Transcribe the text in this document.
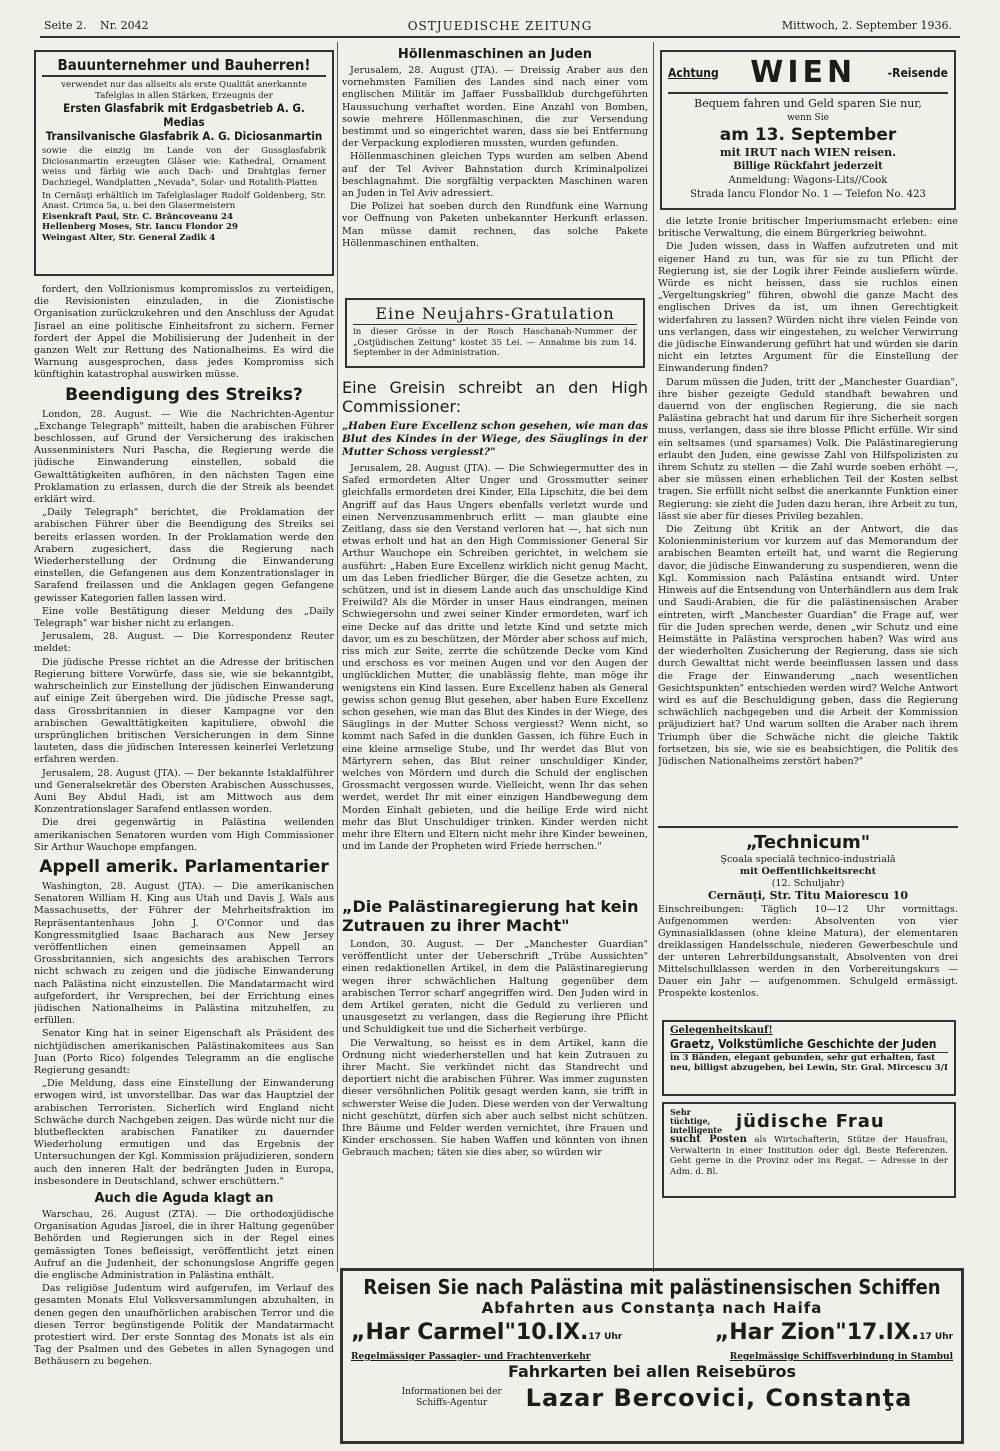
Seite 2. Nr. 2042	OSTJUEDISCHE ZEITUNG	Mittwoch, 2. September 1936.
Bauunternehmer und Bauherren!
verwendet nur das allseits als erste Qualität anerkannte Tafelglas in allen Stärken, Erzeugnis der
Ersten Glasfabrik mit Erdgasbetrieb A. G. Medias
Transilvanische Glasfabrik A. G. Diciosanmartin
sowie die einzig im Lande von der Gussglasfabrik Diciosanmartin erzeugten Gläser wie: Kathedral, Ornament weiss und färbig wie auch Dach- und Drahtglas ferner Dachziegel, Wandplatten „Nevada", Solar- und Rotalith-Platten
In Cernăuţi erhältlich im Tafelglaslager Rudolf Goldenberg, Str. Anast. Crimca 5a, u. bei den Glasermeistern
Eisenkraft Paul, Str. C. Brăncoveanu 24
Hellenberg Moses, Str. Iancu Flondor 29
Weingast Alter, Str. General Zadik 4

fordert, den Vollzionismus kompromisslos zu verteidigen, die Revisionisten einzuladen, in die Zionistische Organisation zurückzukehren und den Anschluss der Agudat Jisrael an eine politische Einheitsfront zu sichern. Ferner fordert der Appel die Mobilisierung der Judenheit in der ganzen Welt zur Rettung des Nationalheims. Es wird die Warnung ausgesprochen, dass jedes Kompromiss sich künftighin katastrophal auswirken müsse.

Beendigung des Streiks?

London, 28. August. — Wie die Nachrichten-Agentur „Exchange Telegraph" mitteilt, haben die arabischen Führer beschlossen, auf Grund der Versicherung des irakischen Aussenministers Nuri Pascha, die Regierung werde die jüdische Einwanderung einstellen, sobald die Gewalttätigkeiten aufhören, in den nächsten Tagen eine Proklamation zu erlassen, durch die der Streik als beendet erklärt wird.

„Daily Telegraph" berichtet, die Proklamation der arabischen Führer über die Beendigung des Streiks sei bereits erlassen worden. In der Proklamation werde den Arabern zugesichert, dass die Regierung nach Wiederherstellung der Ordnung die Einwanderung einstellen, die Gefangenen aus dem Konzentrationslager in Sarafend freilassen und die Anklagen gegen Gefangene gewisser Kategorien fallen lassen wird.

Eine volle Bestätigung dieser Meldung des „Daily Telegraph" war bisher nicht zu erlangen.

Jerusalem, 28. August. — Die Korrespondenz Reuter meldet:

Die jüdische Presse richtet an die Adresse der britischen Regierung bittere Vorwürfe, dass sie, wie sie bekanntgibt, wahrscheinlich zur Einstellung der jüdischen Einwanderung auf einige Zeit übergehen wird. Die jüdische Presse sagt, dass Grossbritannien in dieser Kampagne vor den arabischen Gewalttätigkeiten kapituliere, obwohl die ursprünglichen britischen Versicherungen in dem Sinne lauteten, dass die jüdischen Interessen keinerlei Verletzung erfahren werden.

Jerusalem, 28. August (JTA). — Der bekannte Istaklalführer und Generalsekretär des Obersten Arabischen Ausschusses, Auni Bey Abdul Hadi, ist am Mittwoch aus dem Konzentrationslager Sarafend entlassen worden.

Die drei gegenwärtig in Palästina weilenden amerikanischen Senatoren wurden vom High Commissioner Sir Arthur Wauchope empfangen.

Appell amerik. Parlamentarier

Washington, 28. August (JTA). — Die amerikanischen Senatoren William H. King aus Utah und Davis J. Wals aus Massachusetts, der Führer der Mehrheitsfraktion im Repräsentantenhaus John J. O'Connor und das Kongressmitglied Isaac Bacharach aus New Jersey veröffentlichen einen gemeinsamen Appell an Grossbritannien, sich angesichts des arabischen Terrors nicht schwach zu zeigen und die jüdische Einwanderung nach Palästina nicht einzustellen. Die Mandatarmacht wird aufgefordert, ihr Versprechen, bei der Errichtung eines jüdischen Nationalheims in Palästina mitzuhelfen, zu erfüllen.

Senator King hat in seiner Eigenschaft als Präsident des nichtjüdischen amerikanischen Palästinakomitees aus San Juan (Porto Rico) folgendes Telegramm an die englische Regierung gesandt:

„Die Meldung, dass eine Einstellung der Einwanderung erwogen wird, ist unvorstellbar. Das war das Hauptziel der arabischen Terroristen. Sicherlich wird England nicht Schwäche durch Nachgeben zeigen. Das würde nicht nur die blutbefleckten arabischen Fanatiker zu dauernder Wiederholung ermutigen und das Ergebnis der Untersuchungen der Kgl. Kommission präjudizieren, sondern auch den inneren Halt der bedrängten Juden in Europa, insbesondere in Deutschland, schwer erschüttern."

Auch die Aguda klagt an

Warschau, 26. August (ZTA). — Die orthodoxjüdische Organisation Agudas Jisroel, die in ihrer Haltung gegenüber Behörden und Regierungen sich in der Regel eines gemässigten Tones befleissigt, veröffentlicht jetzt einen Aufruf an die Judenheit, der schonungslose Angriffe gegen die englische Administration in Palästina enthält.

Das religiöse Judentum wird aufgerufen, im Verlauf des gesamten Monats Elul Volksversammlungen abzuhalten, in denen gegen den unaufhörlichen arabischen Terror und die diesen Terror begünstigende Politik der Mandatarmacht protestiert wird. Der erste Sonntag des Monats ist als ein Tag der Psalmen und des Gebetes in allen Synagogen und Bethäusern zu begehen.

Höllenmaschinen an Juden

Jerusalem, 28. August (JTA). — Dreissig Araber aus den vornehmsten Familien des Landes sind nach einer vom englischen Militär im Jaffaer Fussballklub durchgeführten Haussuchung verhaftet worden. Eine Anzahl von Bomben, sowie mehrere Höllenmaschinen, die zur Versendung bestimmt und so eingerichtet waren, dass sie bei Entfernung der Verpackung explodieren mussten, wurden gefunden.

Höllenmaschinen gleichen Typs wurden am selben Abend auf der Tel Aviver Bahnstation durch Kriminalpolizei beschlagnahmt. Die sorgfältig verpackten Maschinen waren an Juden in Tel Aviv adressiert.

Die Polizei hat soeben durch den Rundfunk eine Warnung vor Oeffnung von Paketen unbekannter Herkunft erlassen. Man müsse damit rechnen, das solche Pakete Höllenmaschinen enthalten.

Eine Neujahrs-Gratulation
in dieser Grösse in der Rosch Haschanah-Nummer der „Ostjüdischen Zeitung" kostet 35 Lei. — Annahme bis zum 14. September in der Administration.
Eine Greisin schreibt an den High Commissioner:
„Haben Eure Excellenz schon gesehen, wie man das Blut des Kindes in der Wiege, des Säuglings in der Mutter Schoss vergiesst?"

Jerusalem, 28. August (JTA). — Die Schwiegermutter des in Safed ermordeten Alter Unger und Grossmutter seiner gleichfalls ermordeten drei Kinder, Ella Lipschitz, die bei dem Angriff auf das Haus Ungers ebenfalls verletzt wurde und einen Nervenzusammenbruch erlitt — man glaubte eine Zeitlang, dass sie den Verstand verloren hat —, hat sich nun etwas erholt und hat an den High Commissioner General Sir Arthur Wauchope ein Schreiben gerichtet, in welchem sie ausführt: „Haben Eure Excellenz wirklich nicht genug Macht, um das Leben friedlicher Bürger, die die Gesetze achten, zu schützen, und ist in diesem Lande auch das unschuldige Kind Freiwild? Als die Mörder in unser Haus eindrangen, meinen Schwiegersohn und zwei seiner Kinder ermordeten, warf ich eine Decke auf das dritte und letzte Kind und setzte mich davor, um es zu beschützen, der Mörder aber schoss auf mich, riss mich zur Seite, zerrte die schützende Decke vom Kind und erschoss es vor meinen Augen und vor den Augen der unglücklichen Mutter, die unablässig flehte, man möge ihr wenigstens ein Kind lassen. Eure Excellenz haben als General gewiss schon genug Blut gesehen, aber haben Eure Excellenz schon gesehen, wie man das Blut des Kindes in der Wiege, des Säuglings in der Mutter Schoss vergiesst? Wenn nicht, so kommt nach Safed in die dunklen Gassen, ich führe Euch in eine kleine armselige Stube, und Ihr werdet das Blut von Märtyrern sehen, das Blut reiner unschuldiger Kinder, welches von Mördern und durch die Schuld der englischen Grossmacht vergossen wurde. Vielleicht, wenn Ihr das sehen werdet, werdet Ihr mit einer einzigen Handbewegung dem Morden Einhalt gebieten, und die heilige Erde wird nicht mehr das Blut Unschuldiger trinken. Kinder werden nicht mehr ihre Eltern und Eltern nicht mehr ihre Kinder beweinen, und im Lande der Propheten wird Friede herrschen."

„Die Palästinaregierung hat kein Zutrauen zu ihrer Macht"

London, 30. August. — Der „Manchester Guardian" veröffentlicht unter der Ueberschrift „Trübe Aussichten" einen redaktionellen Artikel, in dem die Palästinaregierung wegen ihrer schwächlichen Haltung gegenüber dem arabischen Terror scharf angegriffen wird. Den Juden wird in dem Artikel geraten, nicht die Geduld zu verlieren und unausgesetzt zu verlangen, dass die Regierung ihre Pflicht und Schuldigkeit tue und die Sicherheit verbürge.

Die Verwaltung, so heisst es in dem Artikel, kann die Ordnung nicht wiederherstellen und hat kein Zutrauen zu ihrer Macht. Sie verkündet nicht das Standrecht und deportiert nicht die arabischen Führer. Was immer zugunsten dieser versöhnlichen Politik gesagt werden kann, sie trifft in schwerster Weise die Juden. Diese werden von der Verwaltung nicht geschützt, dürfen sich aber auch selbst nicht schützen. Ihre Bäume und Felder werden vernichtet, ihre Frauen und Kinder erschossen. Sie haben Waffen und könnten von ihnen Gebrauch machen; täten sie dies aber, so würden wir

Achtung WIEN	-Reisende
Bequem fahren und Geld sparen Sie nur,
wenn Sie
am 13. September
mit IRUT nach WIEN reisen.
Billige Rückfahrt jederzeit
Anmeldung: Wagons-Lits//Cook
Strada Iancu Flondor No. 1 — Telefon No. 423

die letzte Ironie britischer Imperiumsmacht erleben: eine britische Verwaltung, die einem Bürgerkrieg beiwohnt.

Die Juden wissen, dass in Waffen aufzutreten und mit eigener Hand zu tun, was für sie zu tun Pflicht der Regierung ist, sie der Logik ihrer Feinde ausliefern würde. Würde es nicht heissen, dass sie ruchlos einen „Vergeltungskrieg" führen, obwohl die ganze Macht des englischen Drives da ist, um ihnen Gerechtigkeit widerfahren zu lassen? Würden nicht ihre vielen Feinde von uns verlangen, dass wir eingestehen, zu welcher Verwirrung die jüdische Einwanderung geführt hat und würden sie darin nicht ein letztes Argument für die Einstellung der Einwanderung finden?

Darum müssen die Juden, tritt der „Manchester Guardian", ihre bisher gezeigte Geduld standhaft bewahren und dauernd von der englischen Regierung, die sie nach Palästina gebracht hat und darum für ihre Sicherheit sorgen muss, verlangen, dass sie ihre blosse Pflicht erfülle. Wir sind ein seltsames (und sparsames) Volk. Die Palästinaregierung erlaubt den Juden, eine gewisse Zahl von Hilfspolizisten zu ihrem Schutz zu stellen — die Zahl wurde soeben erhöht —, aber sie müssen einen erheblichen Teil der Kosten selbst tragen. Sie erfüllt nicht selbst die anerkannte Funktion einer Regierung: sie zieht die Juden dazu heran, ihre Arbeit zu tun, lässt sie aber für dieses Privileg bezahlen.

Die Zeitung übt Kritik an der Antwort, die das Kolonienministerium vor kurzem auf das Memorandum der arabischen Beamten erteilt hat, und warnt die Regierung davor, die jüdische Einwanderung zu suspendieren, wenn die Kgl. Kommission nach Palästina entsandt wird. Unter Hinweis auf die Entsendung von Unterhändlern aus dem Irak und Saudi-Arabien, die für die palästinensischen Araber eintreten, wirft „Manchester Guardian" die Frage auf, wer für die Juden sprechen werde, denen „wir Schutz und eine Heimstätte in Palästina versprochen haben? Was wird aus der wiederholten Zusicherung der Regierung, dass sie sich durch Gewalttat nicht werde beeinflussen lassen und dass die Frage der Einwanderung „nach wesentlichen Gesichtspunkten" entschieden werden wird? Welche Antwort wird es auf die Beschuldigung geben, dass die Regierung schwächlich nachgegeben und die Arbeit der Kommission präjudiziert hat? Und warum sollten die Araber nach ihrem Triumph über die Schwäche nicht die gleiche Taktik fortsetzen, bis sie, wie sie es beabsichtigen, die Politik des Jüdischen Nationalheims zerstört haben?"

„Technicum"
Şcoala specială technico-industrială
mit Oeffentlichkeitsrecht
(12. Schuljahr)
Cernăuţi, Str. Titu Maiorescu 10
Einschreibungen: Täglich 10—12 Uhr vormittags. Aufgenommen werden: Absolventen von vier Gymnasialklassen (ohne kleine Matura), der elementaren dreiklassigen Handelsschule, niederen Gewerbeschule und der unteren Lehrerbildungsanstalt, Absolventen von drei Mittelschulklassen werden in den Vorbereitungskurs — Dauer ein Jahr — aufgenommen. Schulgeld ermässigt. Prospekte kostenlos.
Gelegenheitskauf!
Graetz, Volkstümliche Geschichte der Juden
in 3 Bänden, elegant gebunden, sehr gut erhalten, fast neu, billigst abzugeben, bei Lewin, Str. Gral. Mircescu 3/I
Sehr tüchtige, intelligente jüdische Frau
sucht Posten als Wirtschafterin, Stütze der Hausfrau, Verwalterin in einer Institution oder dgl. Beste Referenzen. Geht gerne in die Provinz oder ins Regat. — Adresse in der Adm. d. Bl.
Reisen Sie nach Palästina mit palästinensischen Schiffen
Abfahrten aus Constanţa nach Haifa
„Har Carmel"10.IX.17 Uhr	„Har Zion"17.IX.17 Uhr
Regelmässiger Passagier- und Frachtenverkehr	Regelmässige Schiffsverbindung in Stambul
Fahrkarten bei allen Reisebüros
Informationen bei der Schiffs-Agentur	Lazar Bercovici, Constanţa
